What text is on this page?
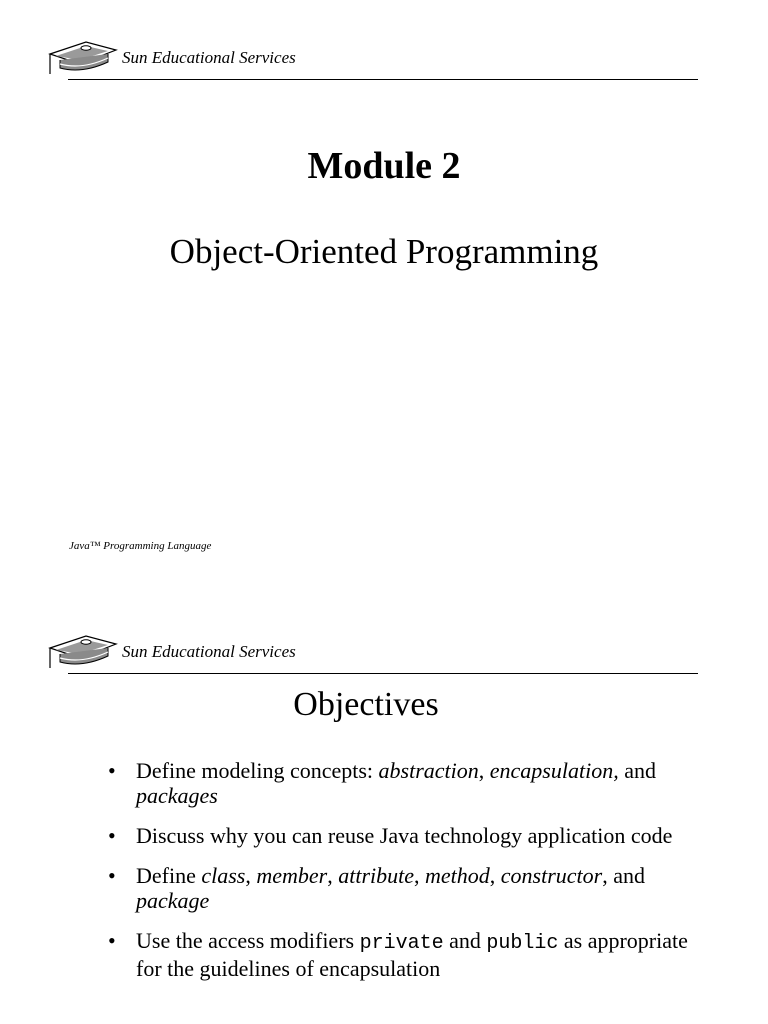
Sun Educational Services
Module 2
Object-Oriented Programming
Java™ Programming Language
Sun Educational Services
Objectives
• Define modeling concepts: abstraction, encapsulation, and packages
• Discuss why you can reuse Java technology application code
• Define class, member, attribute, method, constructor, and package
• Use the access modifiers private and public as appropriate for the guidelines of encapsulation
